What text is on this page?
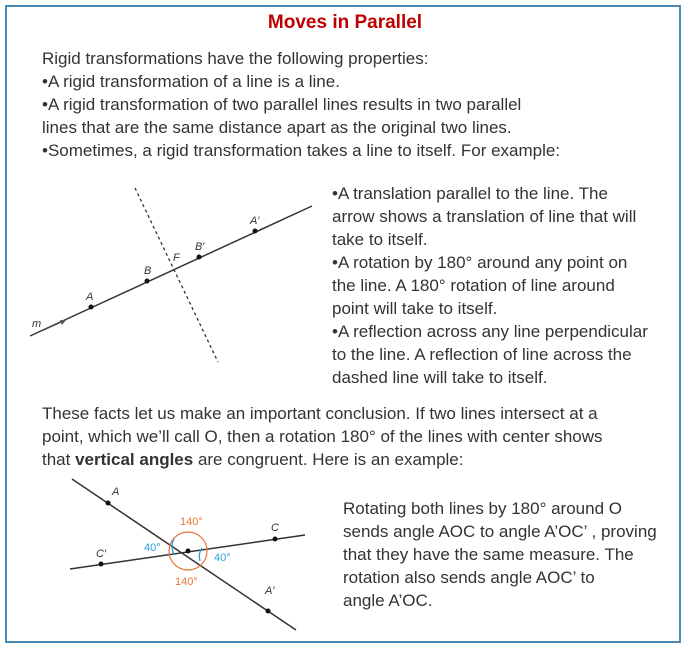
Moves in Parallel

Rigid transformations have the following properties:

•A rigid transformation of a line is a line.

•A rigid transformation of two parallel lines results in two parallel

lines that are the same distance apart as the original two lines.

•Sometimes, a rigid transformation takes a line to itself. For example:

m
A
B
F
B′
A′

•A translation parallel to the line. The

arrow shows a translation of line that will

take to itself.

•A rotation by 180° around any point on

the line. A 180° rotation of line around

point will take to itself.

•A reflection across any line perpendicular

to the line. A reflection of line across the

dashed line will take to itself.

These facts let us make an important conclusion. If two lines intersect at a

point, which we’ll call O, then a rotation 180° of the lines with center shows

that vertical angles are congruent. Here is an example:

A
C
C′
A′
140°
140°
40°
40°

Rotating both lines by 180° around O

sends angle AOC to angle A’OC’ , proving

that they have the same measure. The

rotation also sends angle AOC’ to

angle A’OC.
